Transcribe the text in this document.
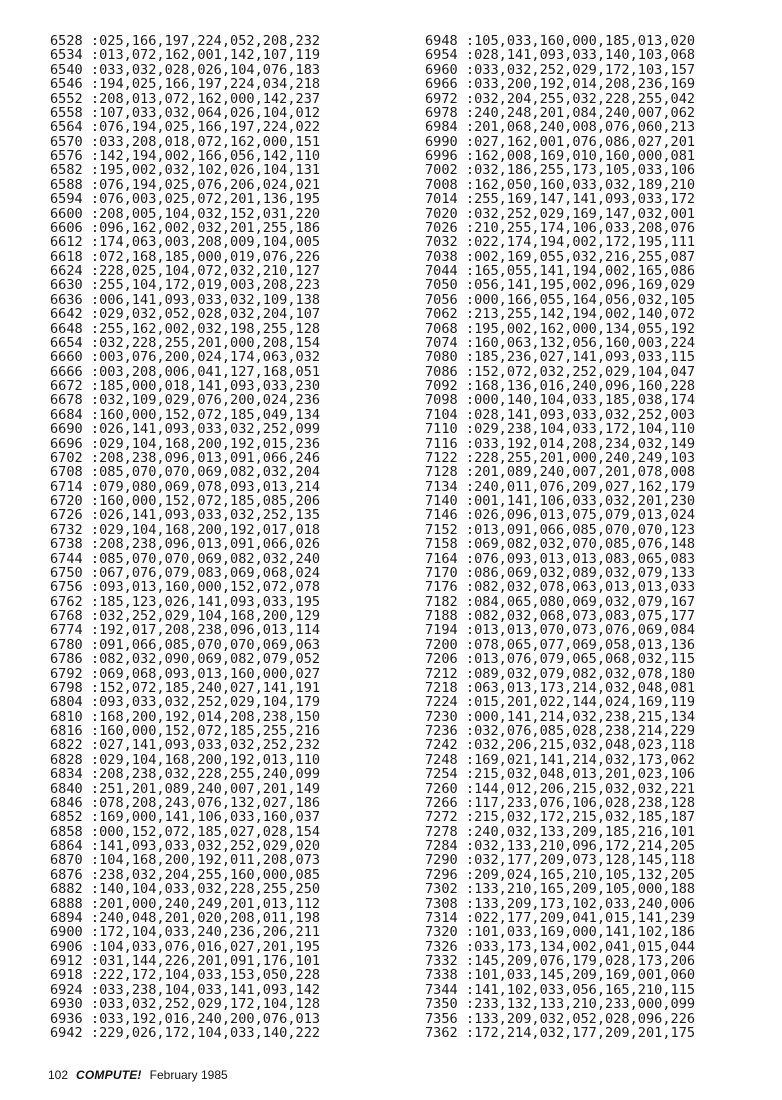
6528 :025,166,197,224,052,208,232
6534 :013,072,162,001,142,107,119
6540 :033,032,028,026,104,076,183
6546 :194,025,166,197,224,034,218
6552 :208,013,072,162,000,142,237
6558 :107,033,032,064,026,104,012
6564 :076,194,025,166,197,224,022
6570 :033,208,018,072,162,000,151
6576 :142,194,002,166,056,142,110
6582 :195,002,032,102,026,104,131
6588 :076,194,025,076,206,024,021
6594 :076,003,025,072,201,136,195
6600 :208,005,104,032,152,031,220
6606 :096,162,002,032,201,255,186
6612 :174,063,003,208,009,104,005
6618 :072,168,185,000,019,076,226
6624 :228,025,104,072,032,210,127
6630 :255,104,172,019,003,208,223
6636 :006,141,093,033,032,109,138
6642 :029,032,052,028,032,204,107
6648 :255,162,002,032,198,255,128
6654 :032,228,255,201,000,208,154
6660 :003,076,200,024,174,063,032
6666 :003,208,006,041,127,168,051
6672 :185,000,018,141,093,033,230
6678 :032,109,029,076,200,024,236
6684 :160,000,152,072,185,049,134
6690 :026,141,093,033,032,252,099
6696 :029,104,168,200,192,015,236
6702 :208,238,096,013,091,066,246
6708 :085,070,070,069,082,032,204
6714 :079,080,069,078,093,013,214
6720 :160,000,152,072,185,085,206
6726 :026,141,093,033,032,252,135
6732 :029,104,168,200,192,017,018
6738 :208,238,096,013,091,066,026
6744 :085,070,070,069,082,032,240
6750 :067,076,079,083,069,068,024
6756 :093,013,160,000,152,072,078
6762 :185,123,026,141,093,033,195
6768 :032,252,029,104,168,200,129
6774 :192,017,208,238,096,013,114
6780 :091,066,085,070,070,069,063
6786 :082,032,090,069,082,079,052
6792 :069,068,093,013,160,000,027
6798 :152,072,185,240,027,141,191
6804 :093,033,032,252,029,104,179
6810 :168,200,192,014,208,238,150
6816 :160,000,152,072,185,255,216
6822 :027,141,093,033,032,252,232
6828 :029,104,168,200,192,013,110
6834 :208,238,032,228,255,240,099
6840 :251,201,089,240,007,201,149
6846 :078,208,243,076,132,027,186
6852 :169,000,141,106,033,160,037
6858 :000,152,072,185,027,028,154
6864 :141,093,033,032,252,029,020
6870 :104,168,200,192,011,208,073
6876 :238,032,204,255,160,000,085
6882 :140,104,033,032,228,255,250
6888 :201,000,240,249,201,013,112
6894 :240,048,201,020,208,011,198
6900 :172,104,033,240,236,206,211
6906 :104,033,076,016,027,201,195
6912 :031,144,226,201,091,176,101
6918 :222,172,104,033,153,050,228
6924 :033,238,104,033,141,093,142
6930 :033,032,252,029,172,104,128
6936 :033,192,016,240,200,076,013
6942 :229,026,172,104,033,140,222
6948 :105,033,160,000,185,013,020
6954 :028,141,093,033,140,103,068
6960 :033,032,252,029,172,103,157
6966 :033,200,192,014,208,236,169
6972 :032,204,255,032,228,255,042
6978 :240,248,201,084,240,007,062
6984 :201,068,240,008,076,060,213
6990 :027,162,001,076,086,027,201
6996 :162,008,169,010,160,000,081
7002 :032,186,255,173,105,033,106
7008 :162,050,160,033,032,189,210
7014 :255,169,147,141,093,033,172
7020 :032,252,029,169,147,032,001
7026 :210,255,174,106,033,208,076
7032 :022,174,194,002,172,195,111
7038 :002,169,055,032,216,255,087
7044 :165,055,141,194,002,165,086
7050 :056,141,195,002,096,169,029
7056 :000,166,055,164,056,032,105
7062 :213,255,142,194,002,140,072
7068 :195,002,162,000,134,055,192
7074 :160,063,132,056,160,003,224
7080 :185,236,027,141,093,033,115
7086 :152,072,032,252,029,104,047
7092 :168,136,016,240,096,160,228
7098 :000,140,104,033,185,038,174
7104 :028,141,093,033,032,252,003
7110 :029,238,104,033,172,104,110
7116 :033,192,014,208,234,032,149
7122 :228,255,201,000,240,249,103
7128 :201,089,240,007,201,078,008
7134 :240,011,076,209,027,162,179
7140 :001,141,106,033,032,201,230
7146 :026,096,013,075,079,013,024
7152 :013,091,066,085,070,070,123
7158 :069,082,032,070,085,076,148
7164 :076,093,013,013,083,065,083
7170 :086,069,032,089,032,079,133
7176 :082,032,078,063,013,013,033
7182 :084,065,080,069,032,079,167
7188 :082,032,068,073,083,075,177
7194 :013,013,070,073,076,069,084
7200 :078,065,077,069,058,013,136
7206 :013,076,079,065,068,032,115
7212 :089,032,079,082,032,078,180
7218 :063,013,173,214,032,048,081
7224 :015,201,022,144,024,169,119
7230 :000,141,214,032,238,215,134
7236 :032,076,085,028,238,214,229
7242 :032,206,215,032,048,023,118
7248 :169,021,141,214,032,173,062
7254 :215,032,048,013,201,023,106
7260 :144,012,206,215,032,032,221
7266 :117,233,076,106,028,238,128
7272 :215,032,172,215,032,185,187
7278 :240,032,133,209,185,216,101
7284 :032,133,210,096,172,214,205
7290 :032,177,209,073,128,145,118
7296 :209,024,165,210,105,132,205
7302 :133,210,165,209,105,000,188
7308 :133,209,173,102,033,240,006
7314 :022,177,209,041,015,141,239
7320 :101,033,169,000,141,102,186
7326 :033,173,134,002,041,015,044
7332 :145,209,076,179,028,173,206
7338 :101,033,145,209,169,001,060
7344 :141,102,033,056,165,210,115
7350 :233,132,133,210,233,000,099
7356 :133,209,032,052,028,096,226
7362 :172,214,032,177,209,201,175
102 COMPUTE! February 1985
